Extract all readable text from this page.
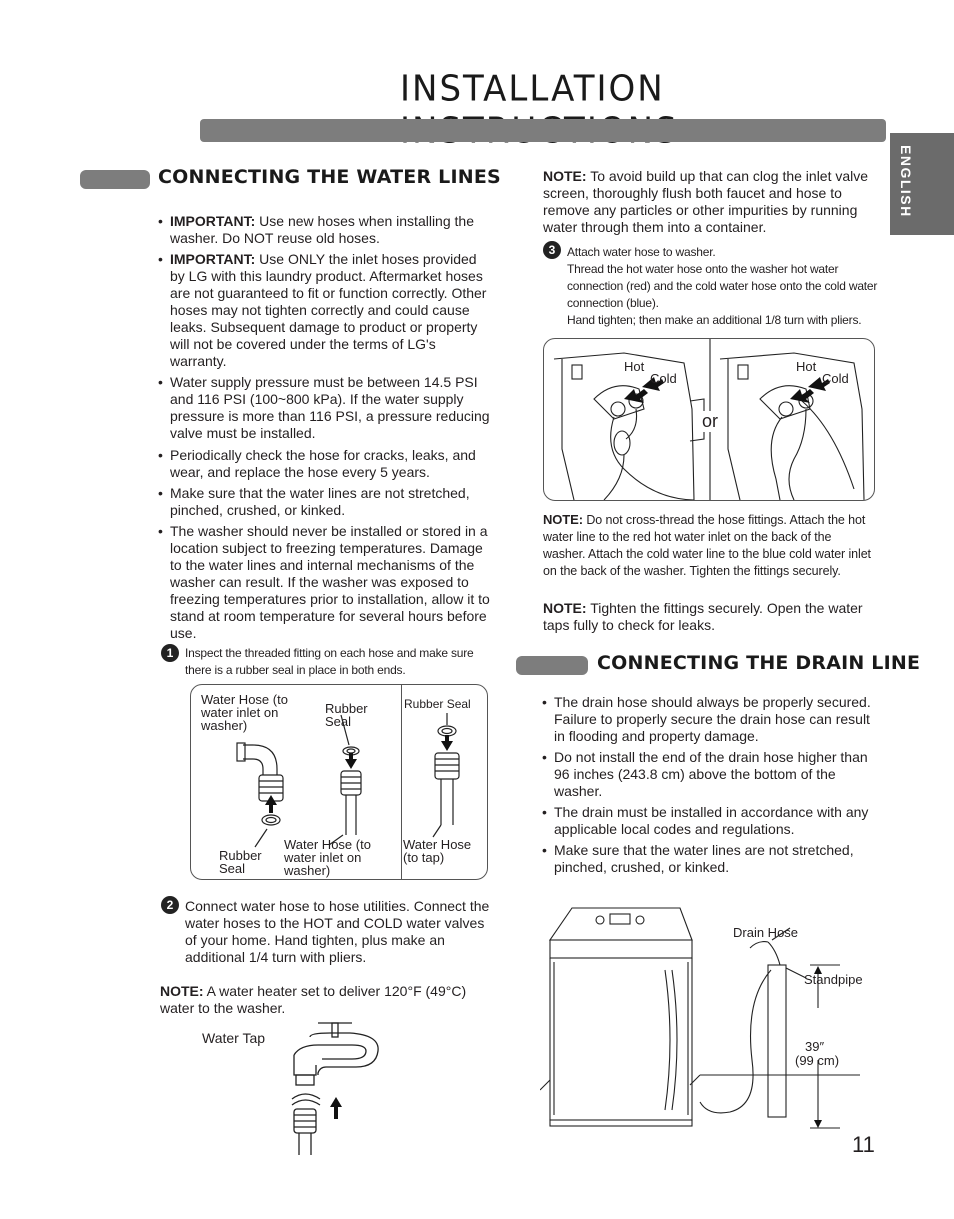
INSTALLATION
ENGLISH
CONNECTING THE WATER LINES
• IMPORTANT: Use new hoses when installing the washer. Do NOT reuse old hoses.
• IMPORTANT: Use ONLY the inlet hoses provided by LG with this laundry product. Aftermarket hoses are not guaranteed to fit or function correctly. Other hoses may not tighten correctly and could cause leaks. Subsequent damage to product or property will not be covered under the terms of LG's warranty.
• Water supply pressure must be between 14.5 PSI and 116 PSI (100~800 kPa). If the water supply pressure is more than 116 PSI, a pressure reducing valve must be installed.
• Periodically check the hose for cracks, leaks, and wear, and replace the hose every 5 years.
• Make sure that the water lines are not stretched, pinched, crushed, or kinked.
• The washer should never be installed or stored in a location subject to freezing temperatures. Damage to the water lines and internal mechanisms of the washer can result. If the washer was exposed to freezing temperatures prior to installation, allow it to stand at room temperature for several hours before use.
1 Inspect the threaded fitting on each hose and make sure there is a rubber seal in place in both ends.
Water Hose (to water inlet on washer)
Rubber Seal
Rubber Seal
Rubber Seal
Water Hose (to water inlet on washer)
Water Hose (to tap)
2 Connect water hose to hose utilities. Connect the water hoses to the HOT and COLD water valves of your home. Hand tighten, plus make an additional 1/4 turn with pliers.
NOTE: A water heater set to deliver 120°F (49°C) water to the washer.
Water Tap
NOTE: To avoid build up that can clog the inlet valve screen, thoroughly flush both faucet and hose to remove any particles or other impurities by running water through them into a container.
3 Attach water hose to washer.
Thread the hot water hose onto the washer hot water connection (red) and the cold water hose onto the cold water connection (blue).
Hand tighten; then make an additional 1/8 turn with pliers.
Hot
Cold
or
Hot
Cold
NOTE: Do not cross-thread the hose fittings. Attach the hot water line to the red hot water inlet on the back of the washer. Attach the cold water line to the blue cold water inlet on the back of the washer. Tighten the fittings securely.
NOTE: Tighten the fittings securely. Open the water taps fully to check for leaks.
CONNECTING THE DRAIN LINE
• The drain hose should always be properly secured. Failure to properly secure the drain hose can result in flooding and property damage.
• Do not install the end of the drain hose higher than 96 inches (243.8 cm) above the bottom of the washer.
• The drain must be installed in accordance with any applicable local codes and regulations.
• Make sure that the water lines are not stretched, pinched, crushed, or kinked.
Drain Hose
Standpipe
39″
(99 cm)
11
